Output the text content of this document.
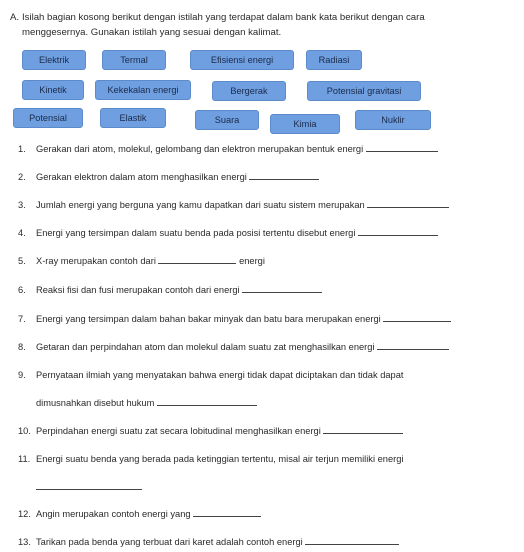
A. Isilah bagian kosong berikut dengan istilah yang terdapat dalam bank kata berikut dengan cara
menggesernya. Gunakan istilah yang sesuai dengan kalimat.
Elektrik	Termal	Efisiensi energi	Radiasi
Kinetik	Kekekalan energi	Bergerak	Potensial gravitasi
Potensial	Elastik	Suara	Kimia	Nuklir
1. Gerakan dari atom, molekul, gelombang dan elektron merupakan bentuk energi
2. Gerakan elektron dalam atom menghasilkan energi
3. Jumlah energi yang berguna yang kamu dapatkan dari suatu sistem merupakan
4. Energi yang tersimpan dalam suatu benda pada posisi tertentu disebut energi
5. X-ray merupakan contoh dari	energi
6. Reaksi fisi dan fusi merupakan contoh dari energi
7. Energi yang tersimpan dalam bahan bakar minyak dan batu bara merupakan energi
8. Getaran dan perpindahan atom dan molekul dalam suatu zat menghasilkan energi
9. Pernyataan ilmiah yang menyatakan bahwa energi tidak dapat diciptakan dan tidak dapat
dimusnahkan disebut hukum
10. Perpindahan energi suatu zat secara lobitudinal menghasilkan energi
11. Energi suatu benda yang berada pada ketinggian tertentu, misal air terjun memiliki energi
12. Angin merupakan contoh energi yang
13. Tarikan pada benda yang terbuat dari karet adalah contoh energi
